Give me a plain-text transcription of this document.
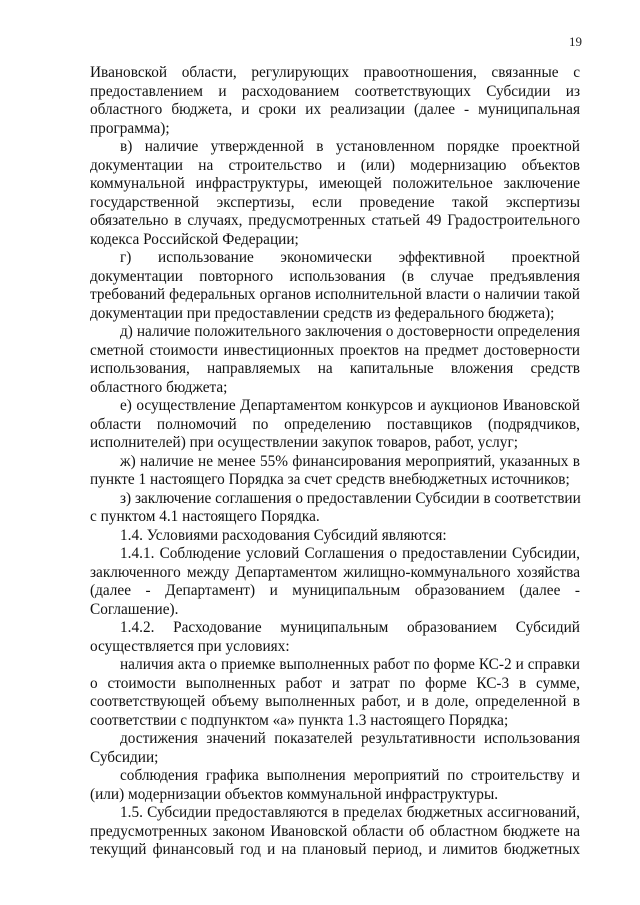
19
Ивановской области, регулирующих правоотношения, связанные с
предоставлением и расходованием соответствующих Субсидии из
областного бюджета, и сроки их реализации (далее - муниципальная
программа);
в) наличие утвержденной в установленном порядке проектной
документации на строительство и (или) модернизацию объектов
коммунальной инфраструктуры, имеющей положительное заключение
государственной экспертизы, если проведение такой экспертизы
обязательно в случаях, предусмотренных статьей 49 Градостроительного
кодекса Российской Федерации;
г) использование экономически эффективной проектной
документации повторного использования (в случае предъявления
требований федеральных органов исполнительной власти о наличии такой
документации при предоставлении средств из федерального бюджета);
д) наличие положительного заключения о достоверности определения
сметной стоимости инвестиционных проектов на предмет достоверности
использования, направляемых на капитальные вложения средств
областного бюджета;
е) осуществление Департаментом конкурсов и аукционов Ивановской
области полномочий по определению поставщиков (подрядчиков,
исполнителей) при осуществлении закупок товаров, работ, услуг;
ж) наличие не менее 55% финансирования мероприятий, указанных в
пункте 1 настоящего Порядка за счет средств внебюджетных источников;
з) заключение соглашения о предоставлении Субсидии в соответствии
с пунктом 4.1 настоящего Порядка.
1.4. Условиями расходования Субсидий являются:
1.4.1. Соблюдение условий Соглашения о предоставлении Субсидии,
заключенного между Департаментом жилищно-коммунального хозяйства
(далее - Департамент) и муниципальным образованием (далее -
Соглашение).
1.4.2. Расходование муниципальным образованием Субсидий
осуществляется при условиях:
наличия акта о приемке выполненных работ по форме КС-2 и справки
о стоимости выполненных работ и затрат по форме КС-3 в сумме,
соответствующей объему выполненных работ, и в доле, определенной в
соответствии с подпунктом «а» пункта 1.3 настоящего Порядка;
достижения значений показателей результативности использования
Субсидии;
соблюдения графика выполнения мероприятий по строительству и
(или) модернизации объектов коммунальной инфраструктуры.
1.5. Субсидии предоставляются в пределах бюджетных ассигнований,
предусмотренных законом Ивановской области об областном бюджете на
текущий финансовый год и на плановый период, и лимитов бюджетных
